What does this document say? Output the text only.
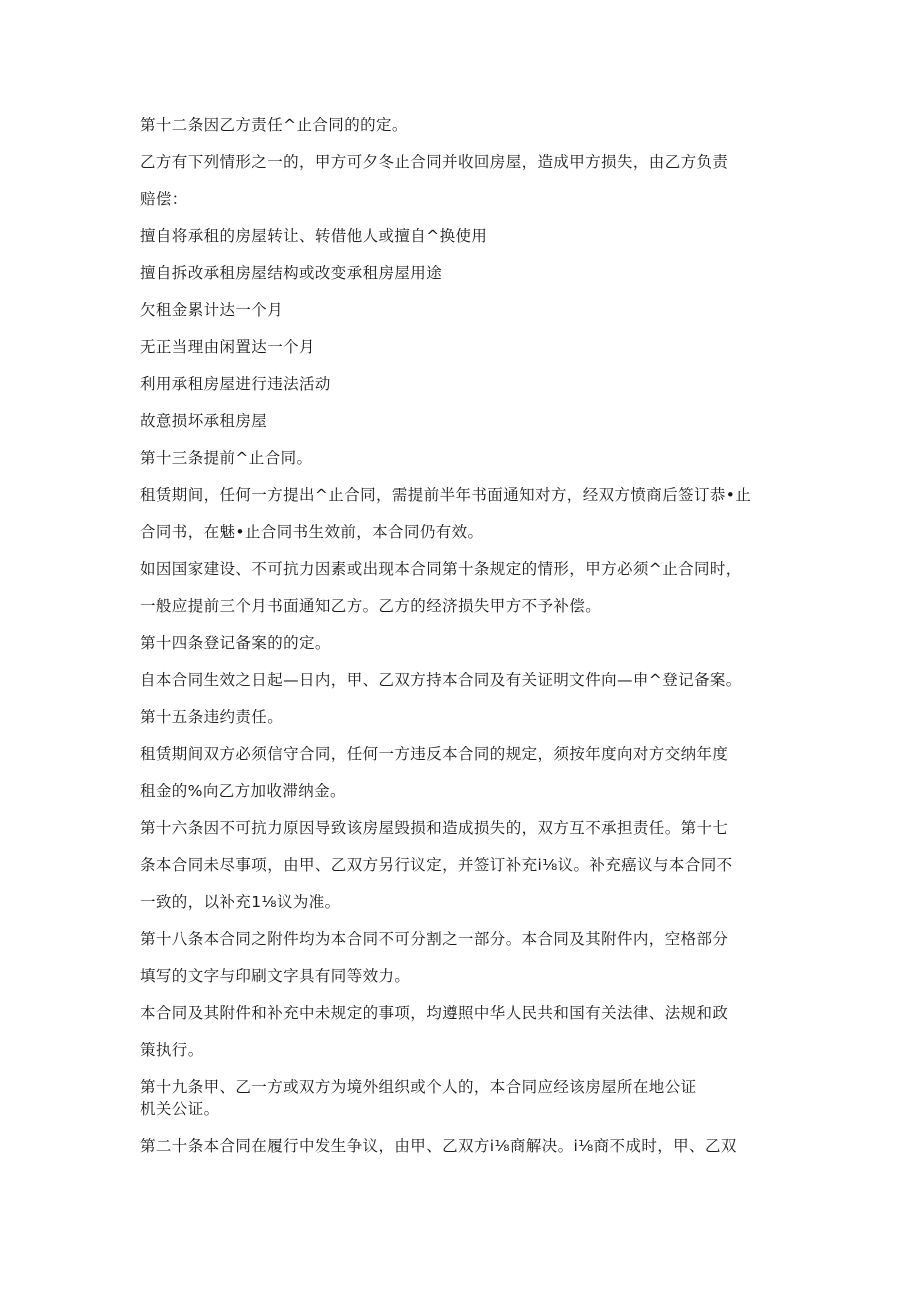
第十二条因乙方责任^止合同的的定。

乙方有下列情形之一的，甲方可夕冬止合同并收回房屋，造成甲方损失，由乙方负责

赔偿：

擅自将承租的房屋转让、转借他人或擅自^换使用

擅自拆改承租房屋结构或改变承租房屋用途

欠租金累计达一个月

无正当理由闲置达一个月

利用承租房屋进行违法活动

故意损坏承租房屋

第十三条提前^止合同。

租赁期间，任何一方提出^止合同，需提前半年书面通知对方，经双方愤商后签订恭•止

合同书，在魅•止合同书生效前，本合同仍有效。

如因国家建设、不可抗力因素或出现本合同第十条规定的情形，甲方必须^止合同时，

一般应提前三个月书面通知乙方。乙方的经济损失甲方不予补偿。

第十四条登记备案的的定。

自本合同生效之日起—日内，甲、乙双方持本合同及有关证明文件向—申^登记备案。

第十五条违约责任。

租赁期间双方必须信守合同，任何一方违反本合同的规定，须按年度向对方交纳年度

租金的%向乙方加收滞纳金。

第十六条因不可抗力原因导致该房屋毁损和造成损失的，双方互不承担责任。第十七

条本合同未尽事项，由甲、乙双方另行议定，并签订补充i⅛议。补充癌议与本合同不

一致的，以补充1⅛议为准。

第十八条本合同之附件均为本合同不可分割之一部分。本合同及其附件内，空格部分

填写的文字与印刷文字具有同等效力。

本合同及其附件和补充中未规定的事项，均遵照中华人民共和国有关法律、法规和政

策执行。

第十九条甲、乙一方或双方为境外组织或个人的，本合同应经该房屋所在地公证

机关公证。

第二十条本合同在履行中发生争议，由甲、乙双方i⅛商解决。i⅛商不成时，甲、乙双
